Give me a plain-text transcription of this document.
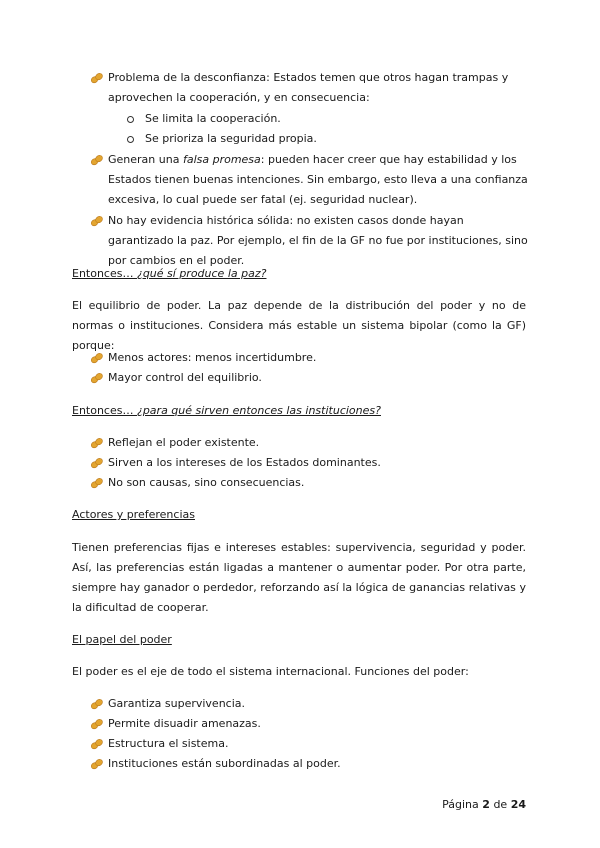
Problema de la desconfianza: Estados temen que otros hagan trampas y aprovechen la cooperación, y en consecuencia:
Se limita la cooperación.
Se prioriza la seguridad propia.
Generan una falsa promesa: pueden hacer creer que hay estabilidad y los Estados tienen buenas intenciones. Sin embargo, esto lleva a una confianza excesiva, lo cual puede ser fatal (ej. seguridad nuclear).
No hay evidencia histórica sólida: no existen casos donde hayan garantizado la paz. Por ejemplo, el fin de la GF no fue por instituciones, sino por cambios en el poder.
Entonces… ¿qué sí produce la paz?

El equilibrio de poder. La paz depende de la distribución del poder y no de normas o instituciones. Considera más estable un sistema bipolar (como la GF) porque:

Menos actores: menos incertidumbre.
Mayor control del equilibrio.
Entonces… ¿para qué sirven entonces las instituciones?
Reflejan el poder existente.
Sirven a los intereses de los Estados dominantes.
No son causas, sino consecuencias.
Actores y preferencias

Tienen preferencias fijas e intereses estables: supervivencia, seguridad y poder. Así, las preferencias están ligadas a mantener o aumentar poder. Por otra parte, siempre hay ganador o perdedor, reforzando así la lógica de ganancias relativas y la dificultad de cooperar.

El papel del poder

El poder es el eje de todo el sistema internacional. Funciones del poder:

Garantiza supervivencia.
Permite disuadir amenazas.
Estructura el sistema.
Instituciones están subordinadas al poder.
Página 2 de 24
